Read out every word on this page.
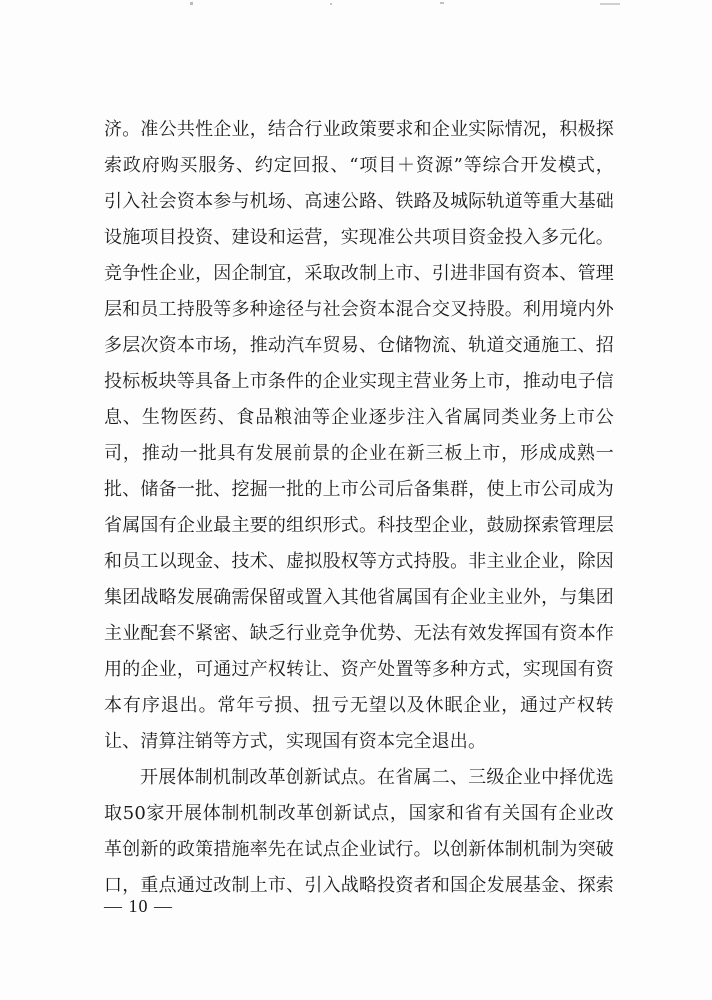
济。准公共性企业，结合行业政策要求和企业实际情况，积极探
索政府购买服务、约定回报、“项目＋资源”等综合开发模式，
引入社会资本参与机场、高速公路、铁路及城际轨道等重大基础
设施项目投资、建设和运营，实现准公共项目资金投入多元化。
竞争性企业，因企制宜，采取改制上市、引进非国有资本、管理
层和员工持股等多种途径与社会资本混合交叉持股。利用境内外
多层次资本市场，推动汽车贸易、仓储物流、轨道交通施工、招
投标板块等具备上市条件的企业实现主营业务上市，推动电子信
息、生物医药、食品粮油等企业逐步注入省属同类业务上市公
司，推动一批具有发展前景的企业在新三板上市，形成成熟一
批、储备一批、挖掘一批的上市公司后备集群，使上市公司成为
省属国有企业最主要的组织形式。科技型企业，鼓励探索管理层
和员工以现金、技术、虚拟股权等方式持股。非主业企业，除因
集团战略发展确需保留或置入其他省属国有企业主业外，与集团
主业配套不紧密、缺乏行业竞争优势、无法有效发挥国有资本作
用的企业，可通过产权转让、资产处置等多种方式，实现国有资
本有序退出。常年亏损、扭亏无望以及休眠企业，通过产权转
让、清算注销等方式，实现国有资本完全退出。
开展体制机制改革创新试点。在省属二、三级企业中择优选
取50家开展体制机制改革创新试点，国家和省有关国有企业改
革创新的政策措施率先在试点企业试行。以创新体制机制为突破
口，重点通过改制上市、引入战略投资者和国企发展基金、探索
— 10 —
